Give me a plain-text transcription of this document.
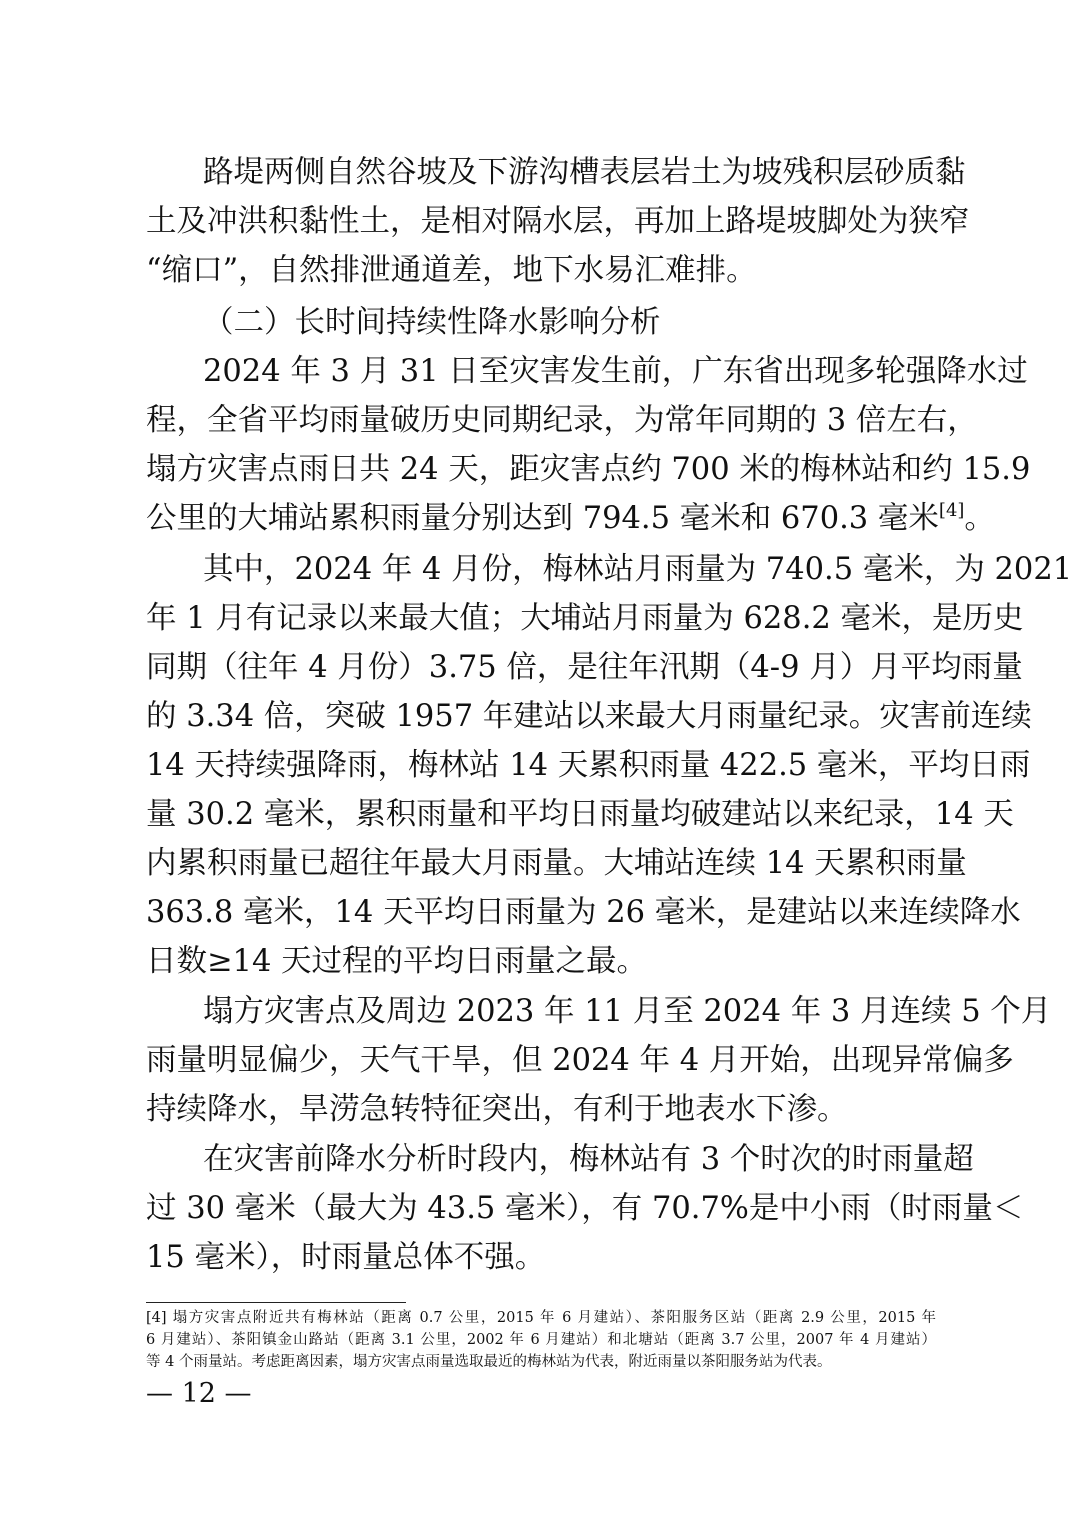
路堤两侧自然谷坡及下游沟槽表层岩土为坡残积层砂质黏
土及冲洪积黏性土，是相对隔水层，再加上路堤坡脚处为狭窄
“缩口”，自然排泄通道差，地下水易汇难排。
（二）长时间持续性降水影响分析
2024 年 3 月 31 日至灾害发生前，广东省出现多轮强降水过
程，全省平均雨量破历史同期纪录，为常年同期的 3 倍左右，
塌方灾害点雨日共 24 天，距灾害点约 700 米的梅林站和约 15.9
公里的大埔站累积雨量分别达到 794.5 毫米和 670.3 毫米[4]。
其中，2024 年 4 月份，梅林站月雨量为 740.5 毫米，为 2021
年 1 月有记录以来最大值；大埔站月雨量为 628.2 毫米，是历史
同期（往年 4 月份）3.75 倍，是往年汛期（4-9 月）月平均雨量
的 3.34 倍，突破 1957 年建站以来最大月雨量纪录。灾害前连续
14 天持续强降雨，梅林站 14 天累积雨量 422.5 毫米，平均日雨
量 30.2 毫米，累积雨量和平均日雨量均破建站以来纪录，14 天
内累积雨量已超往年最大月雨量。大埔站连续 14 天累积雨量
363.8 毫米，14 天平均日雨量为 26 毫米，是建站以来连续降水
日数≥14 天过程的平均日雨量之最。
塌方灾害点及周边 2023 年 11 月至 2024 年 3 月连续 5 个月
雨量明显偏少，天气干旱，但 2024 年 4 月开始，出现异常偏多
持续降水，旱涝急转特征突出，有利于地表水下渗。
在灾害前降水分析时段内，梅林站有 3 个时次的时雨量超
过 30 毫米（最大为 43.5 毫米），有 70.7%是中小雨（时雨量＜
15 毫米），时雨量总体不强。
[4] 塌方灾害点附近共有梅林站（距离 0.7 公里，2015 年 6 月建站）、茶阳服务区站（距离 2.9 公里，2015 年
6 月建站）、茶阳镇金山路站（距离 3.1 公里，2002 年 6 月建站）和北塘站（距离 3.7 公里，2007 年 4 月建站）
等 4 个雨量站。考虑距离因素，塌方灾害点雨量选取最近的梅林站为代表，附近雨量以茶阳服务站为代表。
— 12 —
